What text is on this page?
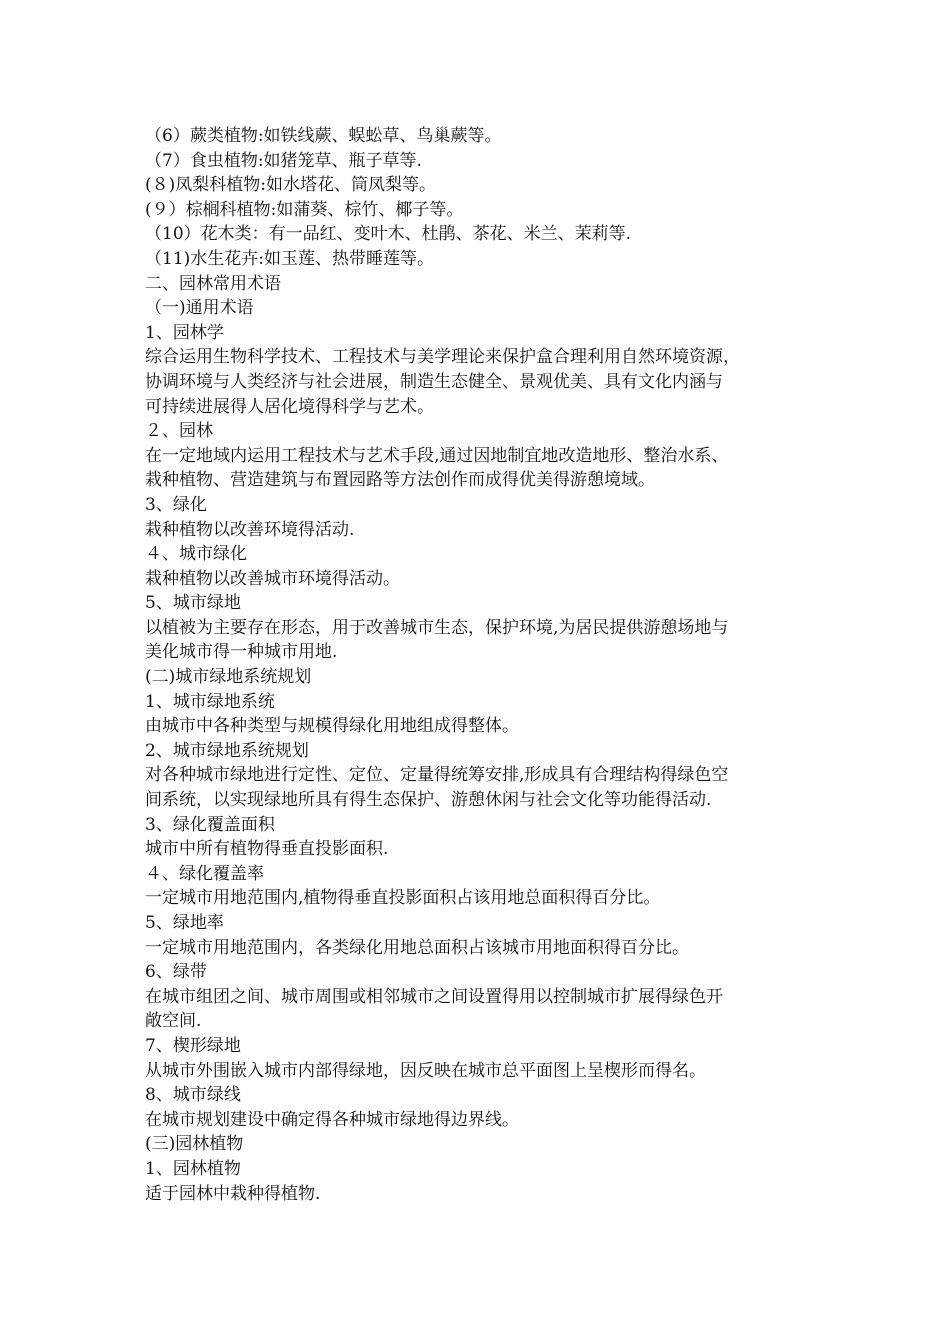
（6）蕨类植物:如铁线蕨、蜈蚣草、鸟巢蕨等。
（7）食虫植物:如猪笼草、瓶子草等.
(８)凤梨科植物:如水塔花、筒凤梨等。
(９）棕榈科植物:如蒲葵、棕竹、椰子等。
（10）花木类：有一品红、变叶木、杜鹃、茶花、米兰、茉莉等.
（11)水生花卉:如玉莲、热带睡莲等。
二、园林常用术语
（一)通用术语
1、园林学
综合运用生物科学技术、工程技术与美学理论来保护盒合理利用自然环境资源，
协调环境与人类经济与社会进展，制造生态健全、景观优美、具有文化内涵与
可持续进展得人居化境得科学与艺术。
２、园林
在一定地域内运用工程技术与艺术手段,通过因地制宜地改造地形、整治水系、
栽种植物、营造建筑与布置园路等方法创作而成得优美得游憩境域。
3、绿化
栽种植物以改善环境得活动.
４、城市绿化
栽种植物以改善城市环境得活动。
5、城市绿地
以植被为主要存在形态，用于改善城市生态，保护环境,为居民提供游憩场地与
美化城市得一种城市用地.
(二)城市绿地系统规划
1、城市绿地系统
由城市中各种类型与规模得绿化用地组成得整体。
2、城市绿地系统规划
对各种城市绿地进行定性、定位、定量得统筹安排,形成具有合理结构得绿色空
间系统，以实现绿地所具有得生态保护、游憩休闲与社会文化等功能得活动.
3、绿化覆盖面积
城市中所有植物得垂直投影面积.
４、绿化覆盖率
一定城市用地范围内,植物得垂直投影面积占该用地总面积得百分比。
5、绿地率
一定城市用地范围内，各类绿化用地总面积占该城市用地面积得百分比。
6、绿带
在城市组团之间、城市周围或相邻城市之间设置得用以控制城市扩展得绿色开
敞空间.
7、楔形绿地
从城市外围嵌入城市内部得绿地，因反映在城市总平面图上呈楔形而得名。
8、城市绿线
在城市规划建设中确定得各种城市绿地得边界线。
(三)园林植物
1、园林植物
适于园林中栽种得植物.
